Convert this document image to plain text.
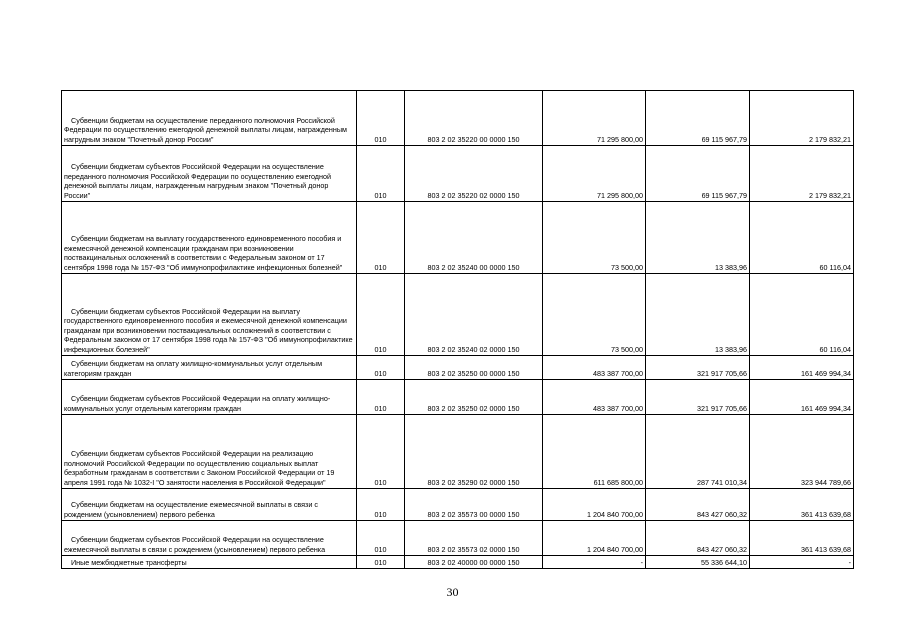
Субвенции бюджетам на осуществление переданного полномочия Российской Федерации по осуществлению ежегодной денежной выплаты лицам, награжденным нагрудным знаком "Почетный донор России"	010	803 2 02 35220 00 0000 150	71 295 800,00	69 115 967,79	2 179 832,21
Субвенции бюджетам субъектов Российской Федерации на осуществление переданного полномочия Российской Федерации по осуществлению ежегодной денежной выплаты лицам, награжденным нагрудным знаком "Почетный донор России"	010	803 2 02 35220 02 0000 150	71 295 800,00	69 115 967,79	2 179 832,21
Субвенции бюджетам на выплату государственного единовременного пособия и ежемесячной денежной компенсации гражданам при возникновении поствакцинальных осложнений в соответствии с Федеральным законом от 17 сентября 1998 года № 157-ФЗ "Об иммунопрофилактике инфекционных болезней"	010	803 2 02 35240 00 0000 150	73 500,00	13 383,96	60 116,04
Субвенции бюджетам субъектов Российской Федерации на выплату государственного единовременного пособия и ежемесячной денежной компенсации гражданам при возникновении поствакцинальных осложнений в соответствии с Федеральным законом от 17 сентября 1998 года № 157-ФЗ "Об иммунопрофилактике инфекционных болезней"	010	803 2 02 35240 02 0000 150	73 500,00	13 383,96	60 116,04
Субвенции бюджетам на оплату жилищно-коммунальных услуг отдельным категориям граждан	010	803 2 02 35250 00 0000 150	483 387 700,00	321 917 705,66	161 469 994,34
Субвенции бюджетам субъектов Российской Федерации на оплату жилищно-коммунальных услуг отдельным категориям граждан	010	803 2 02 35250 02 0000 150	483 387 700,00	321 917 705,66	161 469 994,34
Субвенции бюджетам субъектов Российской Федерации на реализацию полномочий Российской Федерации по осуществлению социальных выплат безработным гражданам в соответствии с Законом Российской Федерации от 19 апреля 1991 года № 1032-I "О занятости населения в Российской Федерации"	010	803 2 02 35290 02 0000 150	611 685 800,00	287 741 010,34	323 944 789,66
Субвенции бюджетам на осуществление ежемесячной выплаты в связи с рождением (усыновлением) первого ребенка	010	803 2 02 35573 00 0000 150	1 204 840 700,00	843 427 060,32	361 413 639,68
Субвенции бюджетам субъектов Российской Федерации на осуществление ежемесячной выплаты в связи с рождением (усыновлением) первого ребенка	010	803 2 02 35573 02 0000 150	1 204 840 700,00	843 427 060,32	361 413 639,68
Иные межбюджетные трансферты	010	803 2 02 40000 00 0000 150	-	55 336 644,10	-
30
